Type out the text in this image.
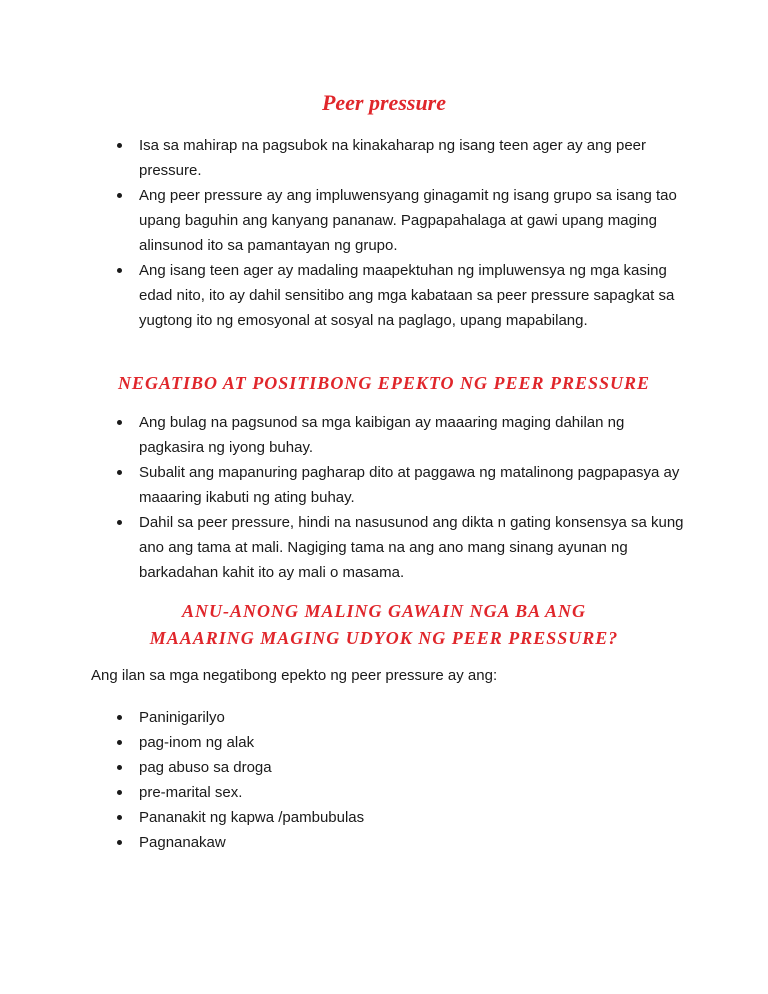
Peer pressure
Isa sa mahirap na pagsubok na kinakaharap ng isang teen ager ay ang peer pressure.
Ang peer pressure ay ang impluwensyang ginagamit ng isang grupo sa isang tao upang baguhin ang kanyang pananaw. Pagpapahalaga at gawi upang maging alinsunod ito sa pamantayan ng grupo.
Ang isang teen ager ay madaling maapektuhan ng impluwensya ng mga kasing edad nito, ito ay dahil sensitibo ang mga kabataan sa peer pressure sapagkat sa yugtong ito ng emosyonal at sosyal na paglago, upang mapabilang.
NEGATIBO AT POSITIBONG EPEKTO NG PEER PRESSURE
Ang bulag na pagsunod sa mga kaibigan ay maaaring maging dahilan ng pagkasira ng iyong buhay.
Subalit ang mapanuring pagharap dito at paggawa ng matalinong pagpapasya ay maaaring ikabuti ng ating buhay.
Dahil sa peer pressure, hindi na nasusunod ang dikta n gating konsensya sa kung ano ang tama at mali. Nagiging tama na ang ano mang sinang ayunan ng barkadahan kahit ito ay mali o masama.
ANU-ANONG MALING GAWAIN NGA BA ANG
MAAARING MAGING UDYOK NG PEER PRESSURE?

Ang ilan sa mga negatibong epekto ng peer pressure ay ang:

Paninigarilyo
pag-inom ng alak
pag abuso sa droga
pre-marital sex.
Pananakit ng kapwa /pambubulas
Pagnanakaw
